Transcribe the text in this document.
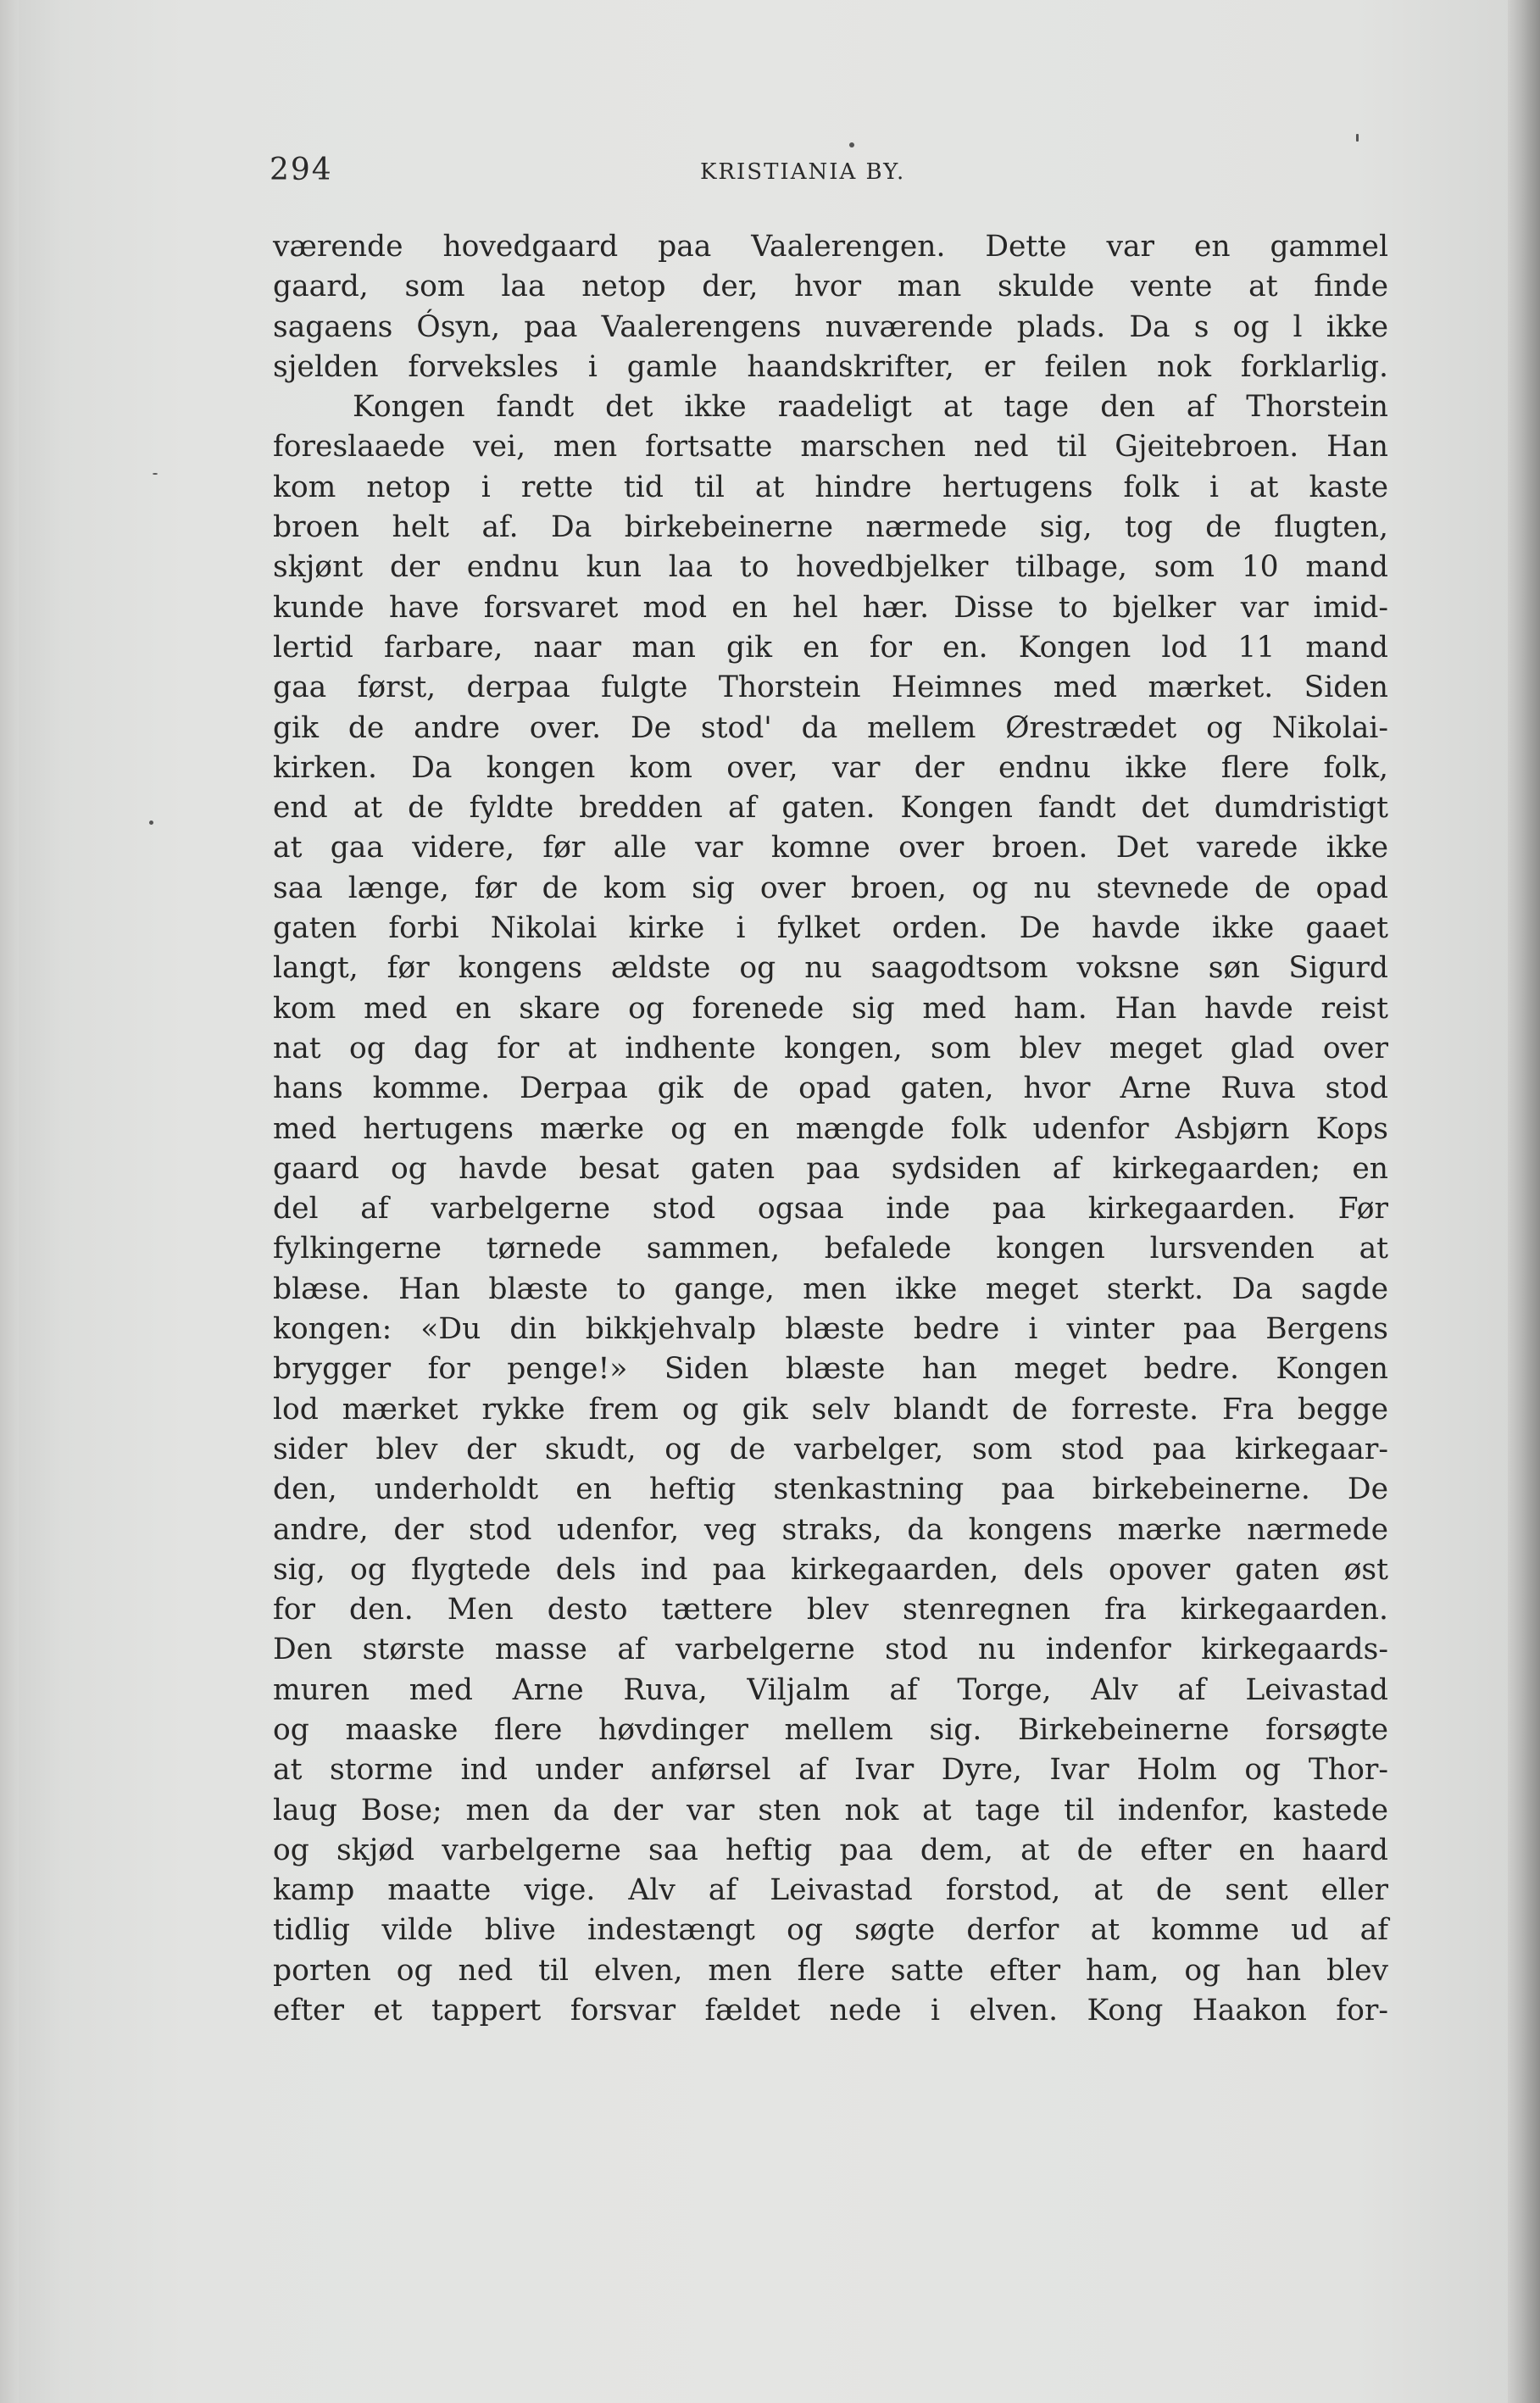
294	KRISTIANIA BY.
værende hovedgaard paa Vaalerengen. Dette var en gammel
gaard, som laa netop der, hvor man skulde vente at finde
sagaens Ósyn, paa Vaalerengens nuværende plads. Da s og l ikke
sjelden forveksles i gamle haandskrifter, er feilen nok forklarlig.
Kongen fandt det ikke raadeligt at tage den af Thorstein
foreslaaede vei, men fortsatte marschen ned til Gjeitebroen. Han
kom netop i rette tid til at hindre hertugens folk i at kaste
broen helt af. Da birkebeinerne nærmede sig, tog de flugten,
skjønt der endnu kun laa to hovedbjelker tilbage, som 10 mand
kunde have forsvaret mod en hel hær. Disse to bjelker var imid-
lertid farbare, naar man gik en for en. Kongen lod 11 mand
gaa først, derpaa fulgte Thorstein Heimnes med mærket. Siden
gik de andre over. De stod' da mellem Ørestrædet og Nikolai-
kirken. Da kongen kom over, var der endnu ikke flere folk,
end at de fyldte bredden af gaten. Kongen fandt det dumdristigt
at gaa videre, før alle var komne over broen. Det varede ikke
saa længe, før de kom sig over broen, og nu stevnede de opad
gaten forbi Nikolai kirke i fylket orden. De havde ikke gaaet
langt, før kongens ældste og nu saagodtsom voksne søn Sigurd
kom med en skare og forenede sig med ham. Han havde reist
nat og dag for at indhente kongen, som blev meget glad over
hans komme. Derpaa gik de opad gaten, hvor Arne Ruva stod
med hertugens mærke og en mængde folk udenfor Asbjørn Kops
gaard og havde besat gaten paa sydsiden af kirkegaarden; en
del af varbelgerne stod ogsaa inde paa kirkegaarden. Før
fylkingerne tørnede sammen, befalede kongen lursvenden at
blæse. Han blæste to gange, men ikke meget sterkt. Da sagde
kongen: «Du din bikkjehvalp blæste bedre i vinter paa Bergens
brygger for penge!» Siden blæste han meget bedre. Kongen
lod mærket rykke frem og gik selv blandt de forreste. Fra begge
sider blev der skudt, og de varbelger, som stod paa kirkegaar-
den, underholdt en heftig stenkastning paa birkebeinerne. De
andre, der stod udenfor, veg straks, da kongens mærke nærmede
sig, og flygtede dels ind paa kirkegaarden, dels opover gaten øst
for den. Men desto tættere blev stenregnen fra kirkegaarden.
Den største masse af varbelgerne stod nu indenfor kirkegaards-
muren med Arne Ruva, Viljalm af Torge, Alv af Leivastad
og maaske flere høvdinger mellem sig. Birkebeinerne forsøgte
at storme ind under anførsel af Ivar Dyre, Ivar Holm og Thor-
laug Bose; men da der var sten nok at tage til indenfor, kastede
og skjød varbelgerne saa heftig paa dem, at de efter en haard
kamp maatte vige. Alv af Leivastad forstod, at de sent eller
tidlig vilde blive indestængt og søgte derfor at komme ud af
porten og ned til elven, men flere satte efter ham, og han blev
efter et tappert forsvar fældet nede i elven. Kong Haakon for-
